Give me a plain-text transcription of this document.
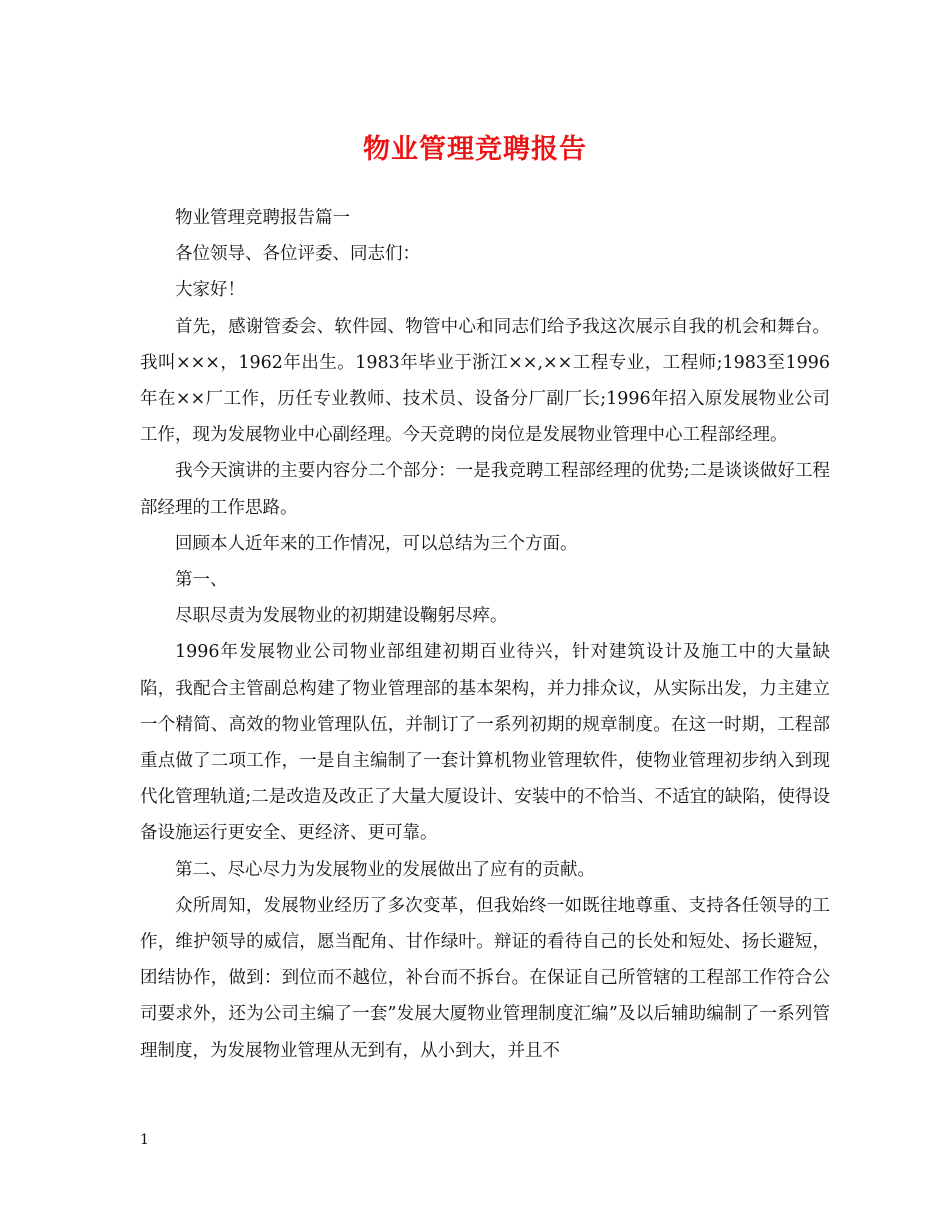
物业管理竞聘报告

物业管理竞聘报告篇一

各位领导、各位评委、同志们：

大家好！

首先，感谢管委会、软件园、物管中心和同志们给予我这次展示自我的机会和舞台。我叫×××，1962年出生。1983年毕业于浙江××,××工程专业，工程师;1983至1996年在××厂工作，历任专业教师、技术员、设备分厂副厂长;1996年招入原发展物业公司工作，现为发展物业中心副经理。今天竞聘的岗位是发展物业管理中心工程部经理。

我今天演讲的主要内容分二个部分：一是我竞聘工程部经理的优势;二是谈谈做好工程部经理的工作思路。

回顾本人近年来的工作情况，可以总结为三个方面。

第一、

尽职尽责为发展物业的初期建设鞠躬尽瘁。

1996年发展物业公司物业部组建初期百业待兴，针对建筑设计及施工中的大量缺陷，我配合主管副总构建了物业管理部的基本架构，并力排众议，从实际出发，力主建立一个精简、高效的物业管理队伍，并制订了一系列初期的规章制度。在这一时期，工程部重点做了二项工作，一是自主编制了一套计算机物业管理软件，使物业管理初步纳入到现代化管理轨道;二是改造及改正了大量大厦设计、安装中的不恰当、不适宜的缺陷，使得设备设施运行更安全、更经济、更可靠。

第二、尽心尽力为发展物业的发展做出了应有的贡献。

众所周知，发展物业经历了多次变革，但我始终一如既往地尊重、支持各任领导的工作，维护领导的威信，愿当配角、甘作绿叶。辩证的看待自己的长处和短处、扬长避短，团结协作，做到：到位而不越位，补台而不拆台。在保证自己所管辖的工程部工作符合公司要求外，还为公司主编了一套”发展大厦物业管理制度汇编”及以后辅助编制了一系列管理制度，为发展物业管理从无到有，从小到大，并且不

1
